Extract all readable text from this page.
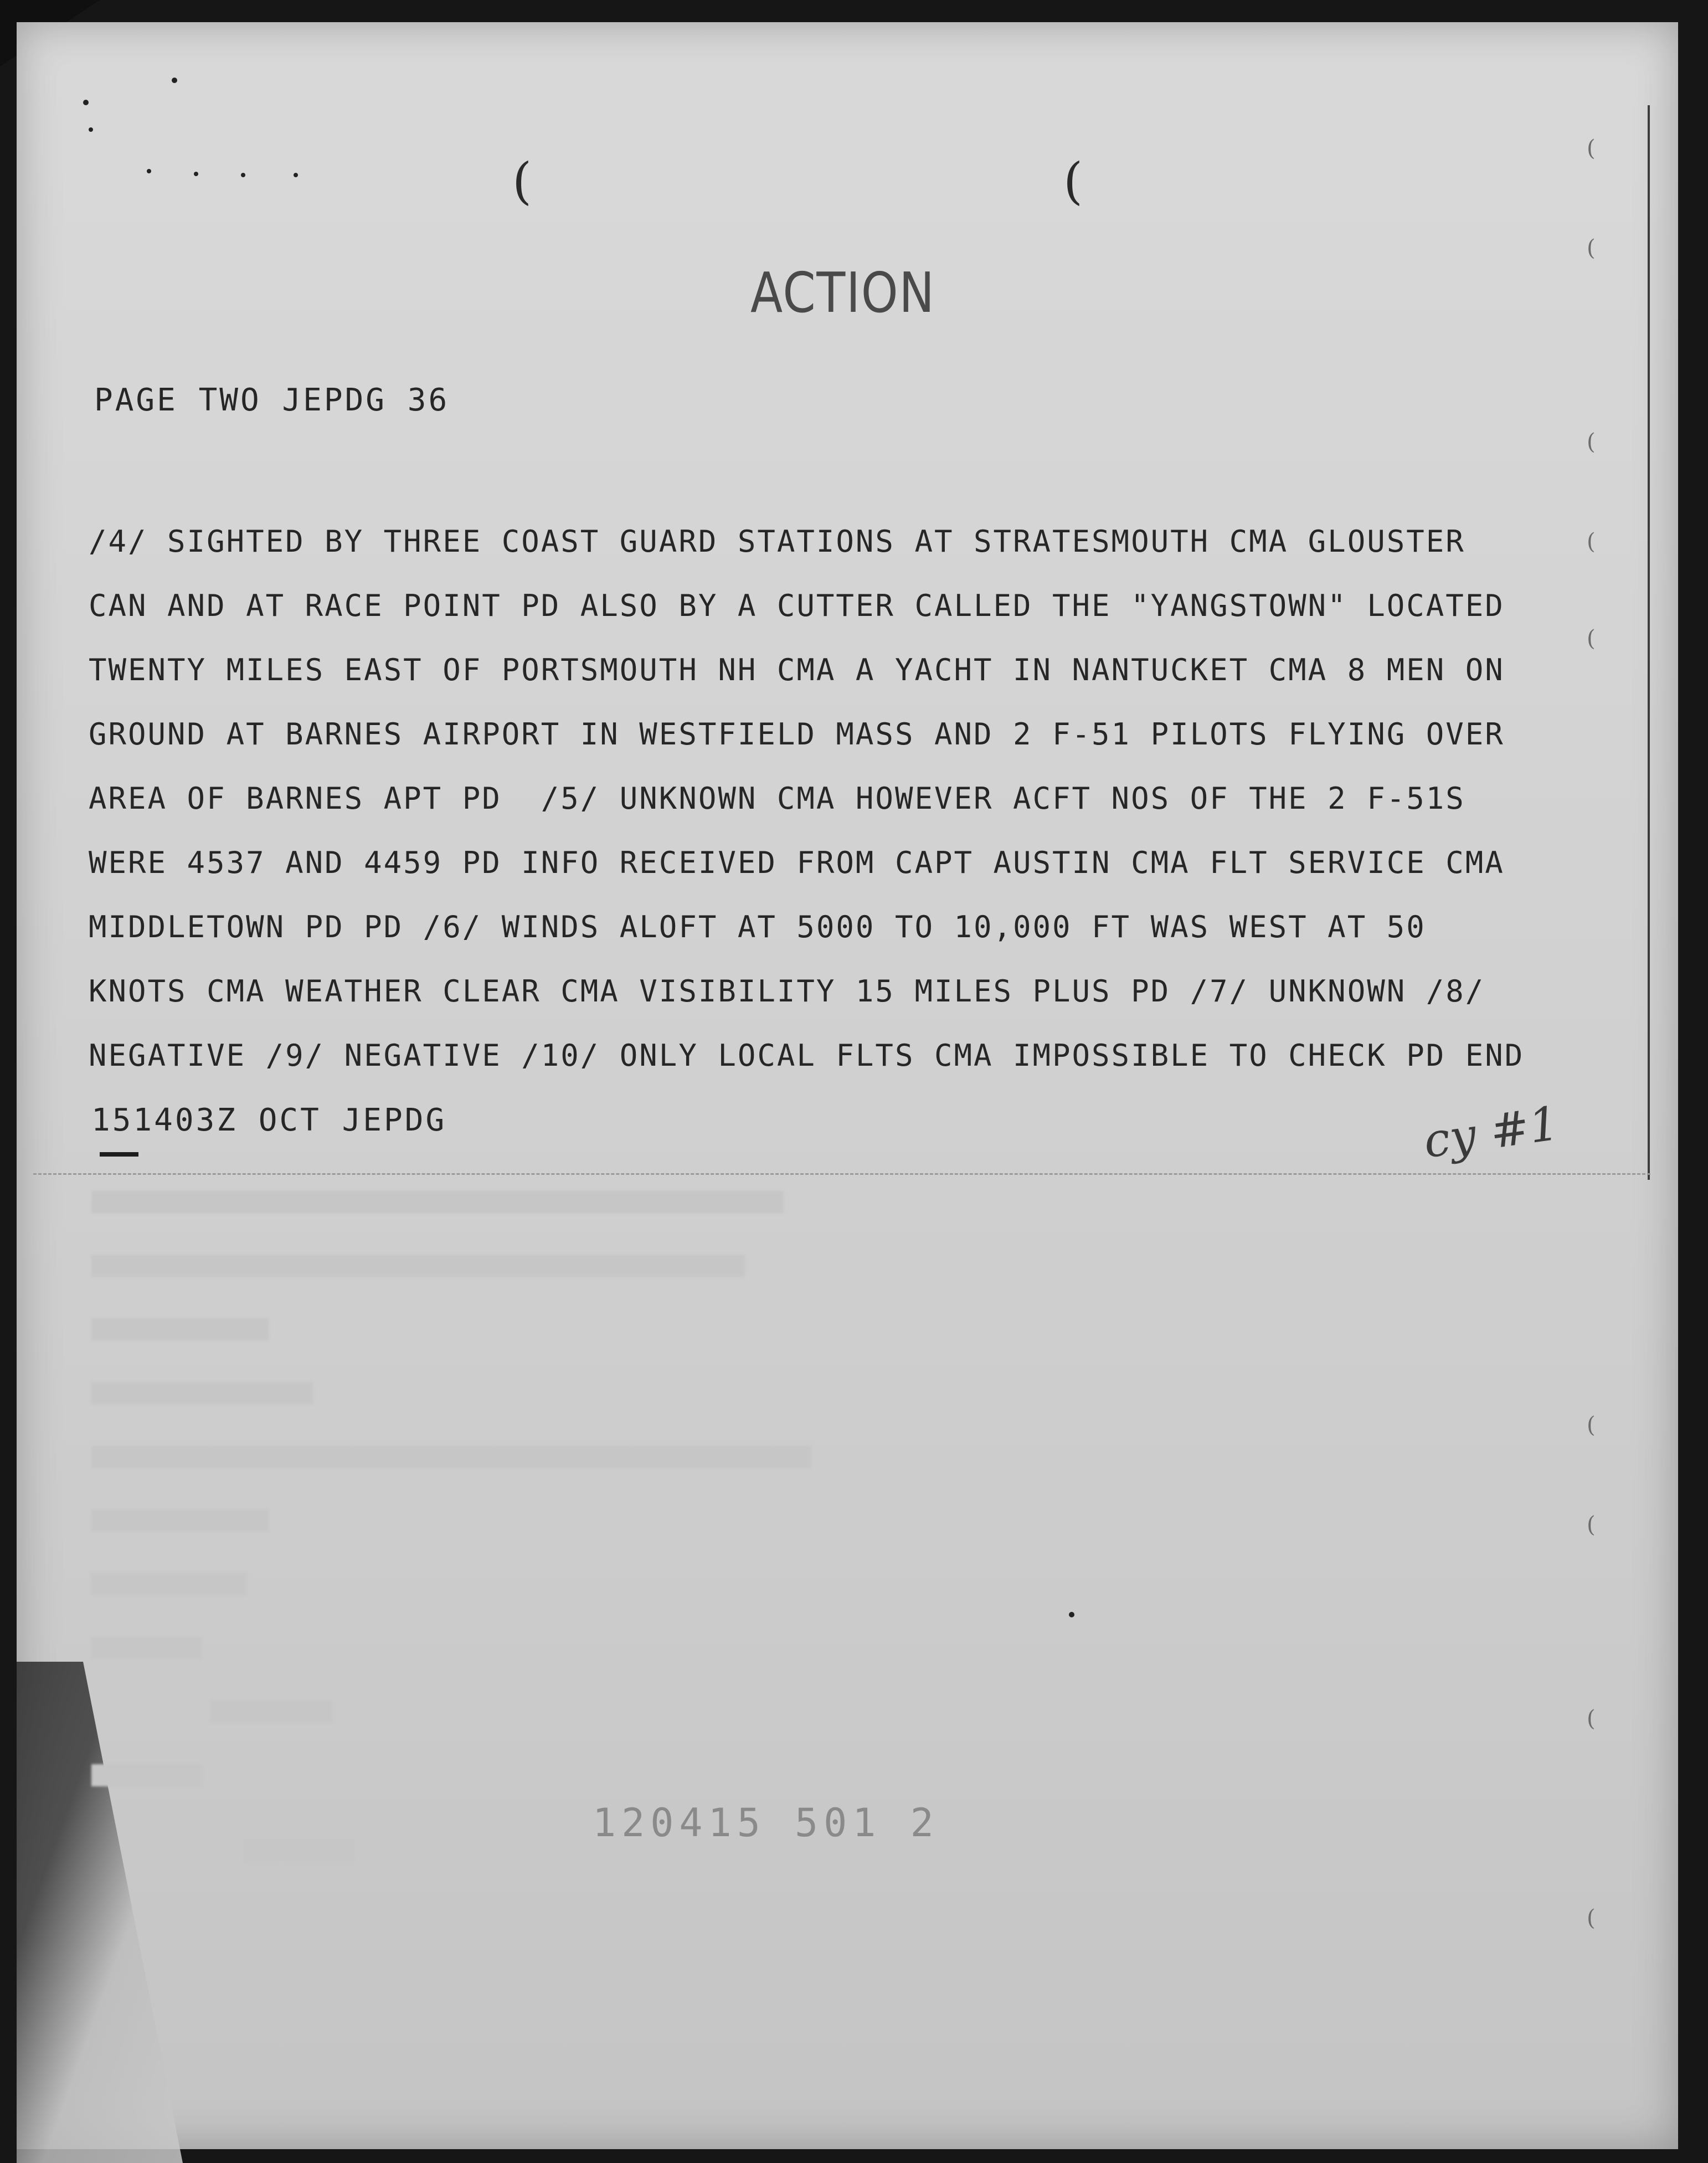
(	(
(
(
(
(
(
(
(
(
(
ACTION
PAGE TWO JEPDG 36
/4/ SIGHTED BY THREE COAST GUARD STATIONS AT STRATESMOUTH CMA GLOUSTER
CAN AND AT RACE POINT PD ALSO BY A CUTTER CALLED THE "YANGSTOWN" LOCATED
TWENTY MILES EAST OF PORTSMOUTH NH CMA A YACHT IN NANTUCKET CMA 8 MEN ON
GROUND AT BARNES AIRPORT IN WESTFIELD MASS AND 2 F-51 PILOTS FLYING OVER
AREA OF BARNES APT PD  /5/ UNKNOWN CMA HOWEVER ACFT NOS OF THE 2 F-51S
WERE 4537 AND 4459 PD INFO RECEIVED FROM CAPT AUSTIN CMA FLT SERVICE CMA
MIDDLETOWN PD PD /6/ WINDS ALOFT AT 5000 TO 10,000 FT WAS WEST AT 50
KNOTS CMA WEATHER CLEAR CMA VISIBILITY 15 MILES PLUS PD /7/ UNKNOWN /8/
NEGATIVE /9/ NEGATIVE /10/ ONLY LOCAL FLTS CMA IMPOSSIBLE TO CHECK PD END
151403Z OCT JEPDG	cy #1
120415 501 2
